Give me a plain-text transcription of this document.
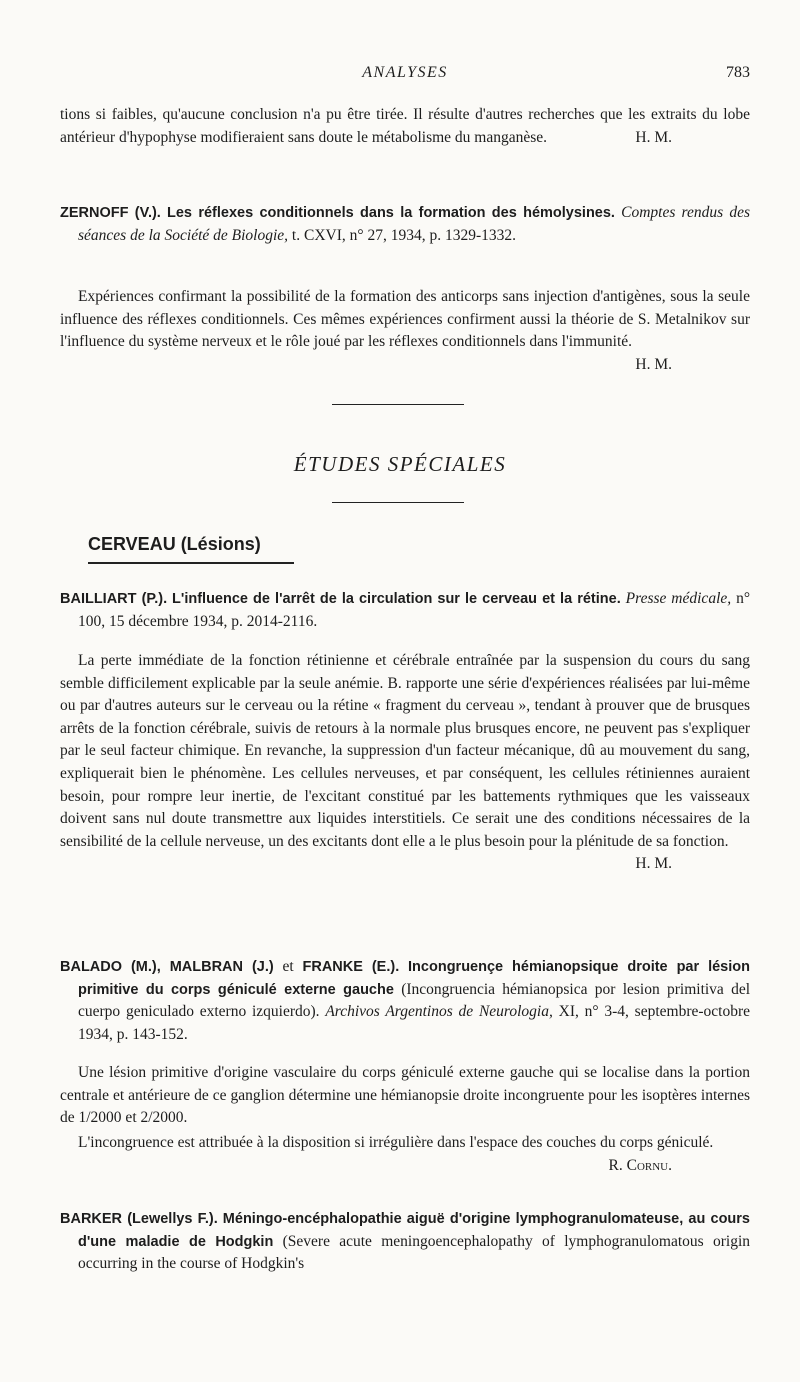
ANALYSES	783

tions si faibles, qu'aucune conclusion n'a pu être tirée. Il résulte d'autres recherches que les extraits du lobe antérieur d'hypophyse modifieraient sans doute le métabolisme du manganèse.	H. M.

ZERNOFF (V.). Les réflexes conditionnels dans la formation des hémolysines. Comptes rendus des séances de la Société de Biologie, t. CXVI, n° 27, 1934, p. 1329-1332.

Expériences confirmant la possibilité de la formation des anticorps sans injection d'antigènes, sous la seule influence des réflexes conditionnels. Ces mêmes expériences confirment aussi la théorie de S. Metalnikov sur l'influence du système nerveux et le rôle joué par les réflexes conditionnels dans l'immunité.
H. M.

ÉTUDES SPÉCIALES
CERVEAU (Lésions)

BAILLIART (P.). L'influence de l'arrêt de la circulation sur le cerveau et la rétine. Presse médicale, n° 100, 15 décembre 1934, p. 2014-2116.

La perte immédiate de la fonction rétinienne et cérébrale entraînée par la suspension du cours du sang semble difficilement explicable par la seule anémie. B. rapporte une série d'expériences réalisées par lui-même ou par d'autres auteurs sur le cerveau ou la rétine « fragment du cerveau », tendant à prouver que de brusques arrêts de la fonction cérébrale, suivis de retours à la normale plus brusques encore, ne peuvent pas s'expliquer par le seul facteur chimique. En revanche, la suppression d'un facteur mécanique, dû au mouvement du sang, expliquerait bien le phénomène. Les cellules nerveuses, et par conséquent, les cellules rétiniennes auraient besoin, pour rompre leur inertie, de l'excitant constitué par les battements rythmiques que les vaisseaux doivent sans nul doute transmettre aux liquides interstitiels. Ce serait une des conditions nécessaires de la sensibilité de la cellule nerveuse, un des excitants dont elle a le plus besoin pour la plénitude de sa fonction.
H. M.

BALADO (M.), MALBRAN (J.) et FRANKE (E.). Incongruençe hémianopsique droite par lésion primitive du corps géniculé externe gauche (Incongruencia hémianopsica por lesion primitiva del cuerpo geniculado externo izquierdo). Archivos Argentinos de Neurologia, XI, n° 3-4, septembre-octobre 1934, p. 143-152.

Une lésion primitive d'origine vasculaire du corps géniculé externe gauche qui se localise dans la portion centrale et antérieure de ce ganglion détermine une hémianopsie droite incongruente pour les isoptères internes de 1/2000 et 2/2000.

L'incongruence est attribuée à la disposition si irrégulière dans l'espace des couches du corps géniculé.
R. Cornu.

BARKER (Lewellys F.). Méningo-encéphalopathie aiguë d'origine lymphogranulomateuse, au cours d'une maladie de Hodgkin (Severe acute meningoencephalopathy of lymphogranulomatous origin occurring in the course of Hodgkin's
